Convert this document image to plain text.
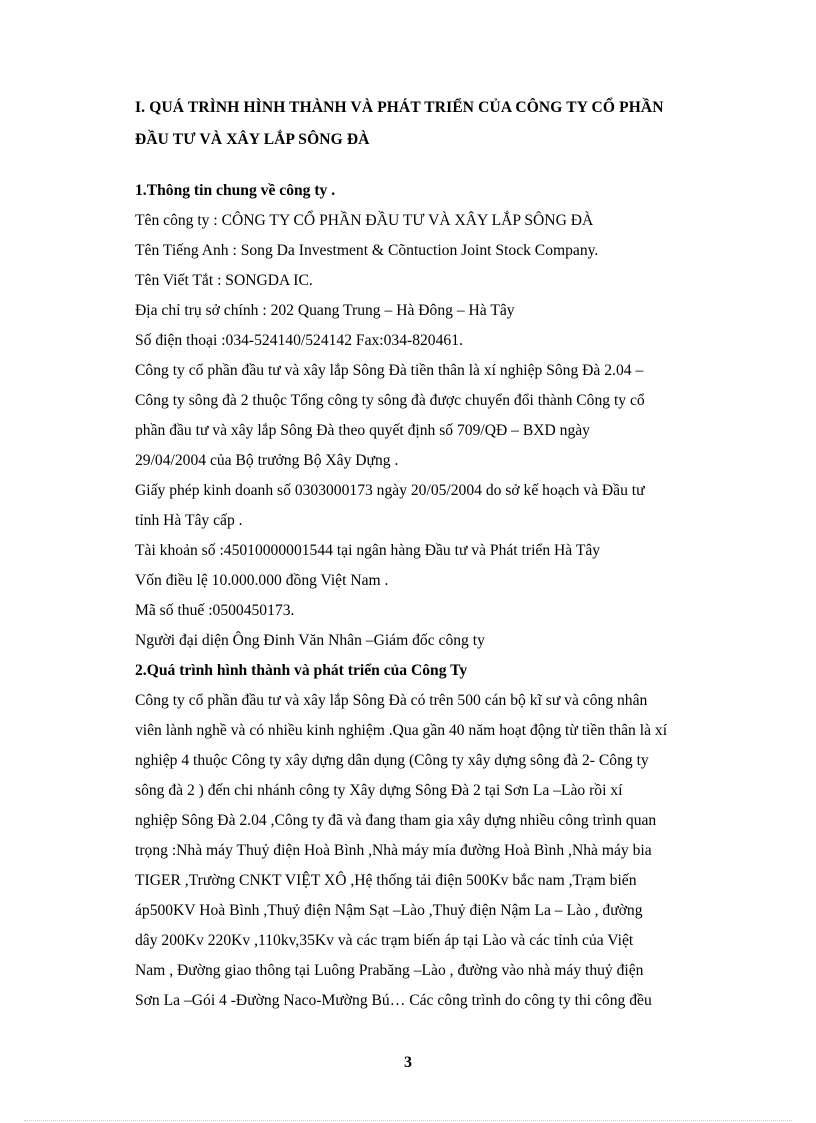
I. QUÁ TRÌNH HÌNH THÀNH VÀ PHÁT TRIỂN CỦA CÔNG TY CỔ PHẦN
ĐẦU TƯ VÀ XÂY LẮP SÔNG ĐÀ
1.Thông tin chung về công ty .
Tên công ty : CÔNG TY CỔ PHẦN ĐẦU TƯ VÀ XÂY LẮP SÔNG ĐÀ
Tên Tiếng Anh : Song Da Investment & Cõntuction Joint Stock Company.
Tên Viết Tắt : SONGDA IC.
Địa chỉ trụ sở chính : 202 Quang Trung – Hà Đông – Hà Tây
Số điện thoại :034-524140/524142 Fax:034-820461.
Công ty cổ phần đầu tư và xây lắp Sông Đà tiền thân là xí nghiệp Sông Đà 2.04 –
Công ty sông đà 2 thuộc Tổng công ty sông đà được chuyển đổi thành Công ty cổ
phần đầu tư và xây lắp Sông Đà theo quyết định số 709/QĐ – BXD ngày
29/04/2004 của Bộ trưởng Bộ Xây Dựng .
Giấy phép kinh doanh số 0303000173 ngày 20/05/2004 do sở kế hoạch và Đầu tư
tỉnh Hà Tây cấp .
Tài khoản số :45010000001544 tại ngân hàng Đầu tư và Phát triển Hà Tây
Vốn điều lệ 10.000.000 đồng Việt Nam .
Mã số thuế :0500450173.
Người đại diện Ông Đinh Văn Nhân –Giám đốc công ty
2.Quá trình hình thành và phát triển của Công Ty
Công ty cổ phần đầu tư và xây lắp Sông Đà có trên 500 cán bộ kĩ sư và công nhân
viên lành nghề và có nhiều kinh nghiệm .Qua gần 40 năm hoạt động từ tiền thân là xí
nghiệp 4 thuộc Công ty xây dựng dân dụng (Công ty xây dựng sông đà 2- Công ty
sông đà 2 ) đến chi nhánh công ty Xây dựng Sông Đà 2 tại Sơn La –Lào rồi xí
nghiệp Sông Đà 2.04 ,Công ty đã và đang tham gia xây dựng nhiều công trình quan
trọng :Nhà máy Thuỷ điện Hoà Bình ,Nhà máy mía đường Hoà Bình ,Nhà máy bia
TIGER ,Trường CNKT VIỆT XÔ ,Hệ thống tải điện 500Kv bắc nam ,Trạm biến
áp500KV Hoà Bình ,Thuỷ điện Nậm Sạt –Lào ,Thuỷ điện Nậm La – Lào , đường
dây 200Kv 220Kv ,110kv,35Kv và các trạm biến áp tại Lào và các tỉnh của Việt
Nam , Đường giao thông tại Luông Prabăng –Lào , đường vào nhà máy thuỷ điện
Sơn La –Gói 4 -Đường Naco-Mường Bú… Các công trình do công ty thi công đều
3
